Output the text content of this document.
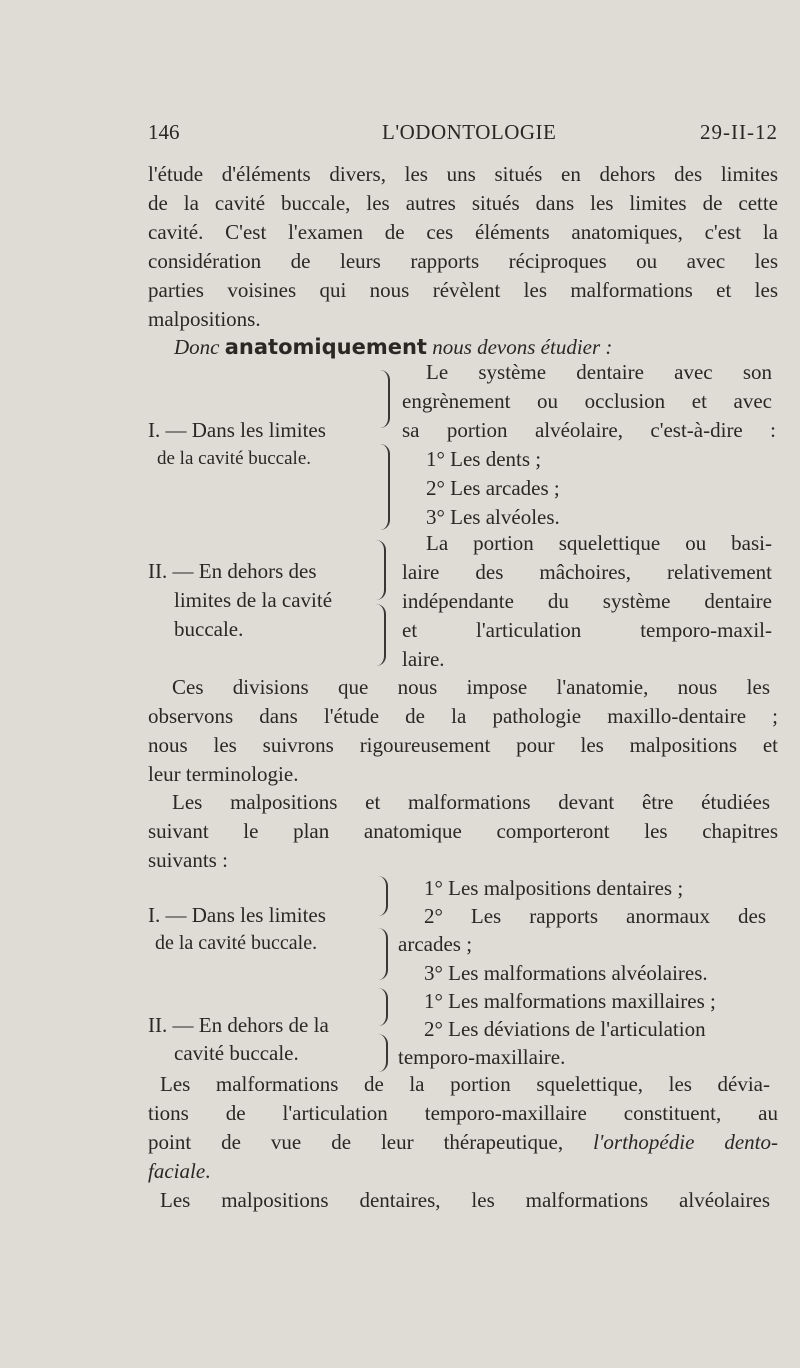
146	L'ODONTOLOGIE	29-II-12
l'étude d'éléments divers, les uns situés en dehors des limites
de la cavité buccale, les autres situés dans les limites de cette
cavité. C'est l'examen de ces éléments anatomiques, c'est la
considération de leurs rapports réciproques ou avec les
parties voisines qui nous révèlent les malformations et les
malpositions.
Donc anatomiquement nous devons étudier :
I. — Dans les limites
de la cavité buccale.
Le système dentaire avec son
engrènement ou occlusion et avec
sa portion alvéolaire, c'est-à-dire :
1° Les dents ;
2° Les arcades ;
3° Les alvéoles.
II. — En dehors des
limites de la cavité
buccale.
La portion squelettique ou basi-
laire des mâchoires, relativement
indépendante du système dentaire
et l'articulation temporo-maxil-
laire.
Ces divisions que nous impose l'anatomie, nous les
observons dans l'étude de la pathologie maxillo-dentaire ;
nous les suivrons rigoureusement pour les malpositions et
leur terminologie.
Les malpositions et malformations devant être étudiées
suivant le plan anatomique comporteront les chapitres
suivants :
I. — Dans les limites
de la cavité buccale.
1° Les malpositions dentaires ;
2° Les rapports anormaux des
arcades ;
3° Les malformations alvéolaires.
II. — En dehors de la
cavité buccale.
1° Les malformations maxillaires ;
2° Les déviations de l'articulation
temporo-maxillaire.
Les malformations de la portion squelettique, les dévia-
tions de l'articulation temporo-maxillaire constituent, au
point de vue de leur thérapeutique, l'orthopédie dento-
faciale.
Les malpositions dentaires, les malformations alvéolaires
